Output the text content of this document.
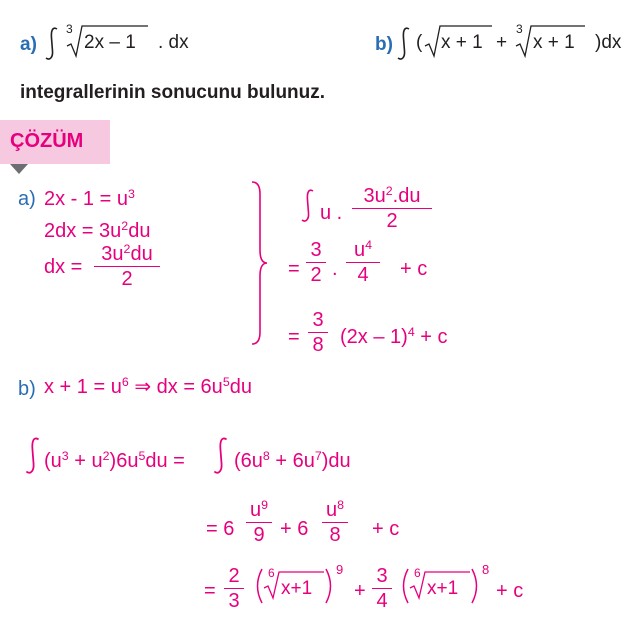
a)
3
2x – 1 . dx	b) ( x + 1 +
3
x + 1 )dx
integrallerinin sonucunu bulunuz.
ÇÖZÜM
a) $2x - 1 = u^3$
$2dx = 3u^2du$
dx =
$3u^2du$
2
u .
$3u^2.du$
2
=
3
2 .
$u^4$
4	+ c
=
3
8 (2x – 1)$^4$ + c
b) $x + 1 = u^6$ ⇒ dx = $6u^5du$
$(u^3 + u^2)6u^5du = (6u^8 + 6u^7)du$
= 6
$u^9$
9 + 6
$u^8$
8	+ c
=
2
3
6
x+1
9
+
3
4
6
x+1
8
+ c
